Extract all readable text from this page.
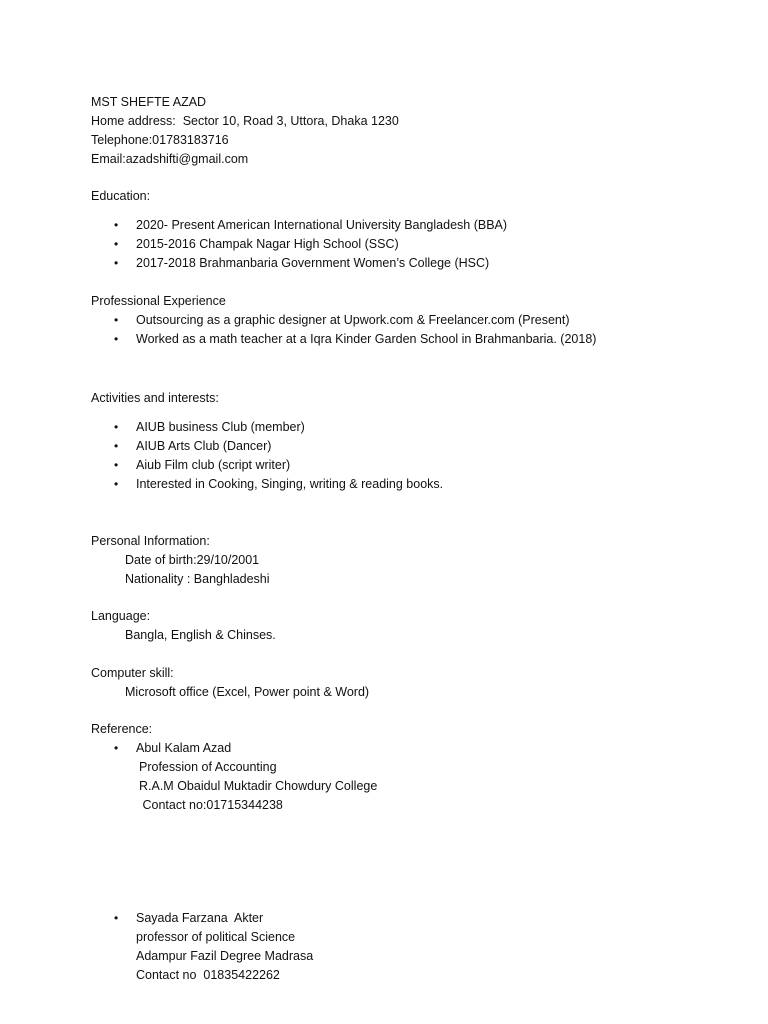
MST SHEFTE AZAD
Home address:  Sector 10, Road 3, Uttora, Dhaka 1230
Telephone:01783183716
Email:azadshifti@gmail.com
Education:
• 2020- Present American International University Bangladesh (BBA)
• 2015-2016 Champak Nagar High School (SSC)
• 2017-2018 Brahmanbaria Government Women’s College (HSC)
Professional Experience
• Outsourcing as a graphic designer at Upwork.com & Freelancer.com (Present)
• Worked as a math teacher at a Iqra Kinder Garden School in Brahmanbaria. (2018)
Activities and interests:
• AIUB business Club (member)
• AIUB Arts Club (Dancer)
• Aiub Film club (script writer)
• Interested in Cooking, Singing, writing & reading books.
Personal Information:
Date of birth:29/10/2001
Nationality : Banghladeshi
Language:
Bangla, English & Chinses.
Computer skill:
Microsoft office (Excel, Power point & Word)
Reference:
•	Abul Kalam Azad
Profession of Accounting
R.A.M Obaidul Muktadir Chowdury College
Contact no:01715344238
•	Sayada Farzana  Akter
professor of political Science
Adampur Fazil Degree Madrasa
Contact no  01835422262
